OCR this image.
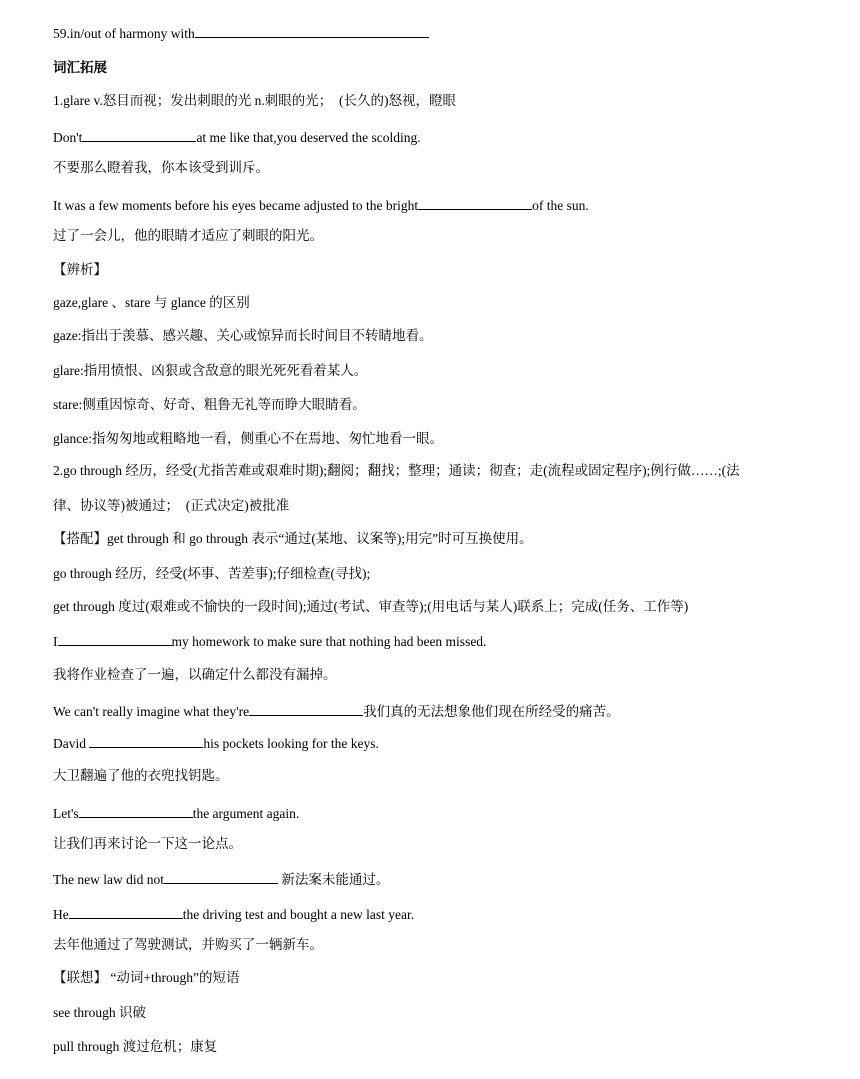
59.in/out of harmony with
词汇拓展
1.glare v.怒目而视；发出刺眼的光 n.刺眼的光；　(长久的)怒视，瞪眼
Don't	at me like that,you deserved the scolding.
不要那么瞪着我，你本该受到训斥。
It was a few moments before his eyes became adjusted to the bright	of the sun.
过了一会儿，他的眼睛才适应了刺眼的阳光。
【辨析】
gaze,glare 、stare 与 glance 的区别
gaze:指出于羡慕、感兴趣、关心或惊异而长时间目不转睛地看。
glare:指用愤恨、凶狠或含敌意的眼光死死看着某人。
stare:侧重因惊奇、好奇、粗鲁无礼等而睁大眼睛看。
glance:指匆匆地或粗略地一看，侧重心不在焉地、匆忙地看一眼。
2.go through 经历，经受(尤指苦难或艰难时期);翻阅；翻找；整理；通读；彻查；走(流程或固定程序);例行做……;(法
律、协议等)被通过；　(正式决定)被批准
【搭配】get through 和 go through 表示“通过(某地、议案等);用完”时可互换使用。
go through 经历，经受(坏事、苦差事);仔细检查(寻找);
get through 度过(艰难或不愉快的一段时间);通过(考试、审查等);(用电话与某人)联系上；完成(任务、工作等)
I	my homework to make sure that nothing had been missed.
我将作业检查了一遍，以确定什么都没有漏掉。
We can't really imagine what they're	我们真的无法想象他们现在所经受的痛苦。
David	his pockets looking for the keys.
大卫翻遍了他的衣兜找钥匙。
Let's	the argument again.
让我们再来讨论一下这一论点。
The new law did not	新法案未能通过。
He	the driving test and bought a new last year.
去年他通过了驾驶测试，并购买了一辆新车。
【联想】 “动词+through”的短语
see through 识破
pull through 渡过危机；康复
